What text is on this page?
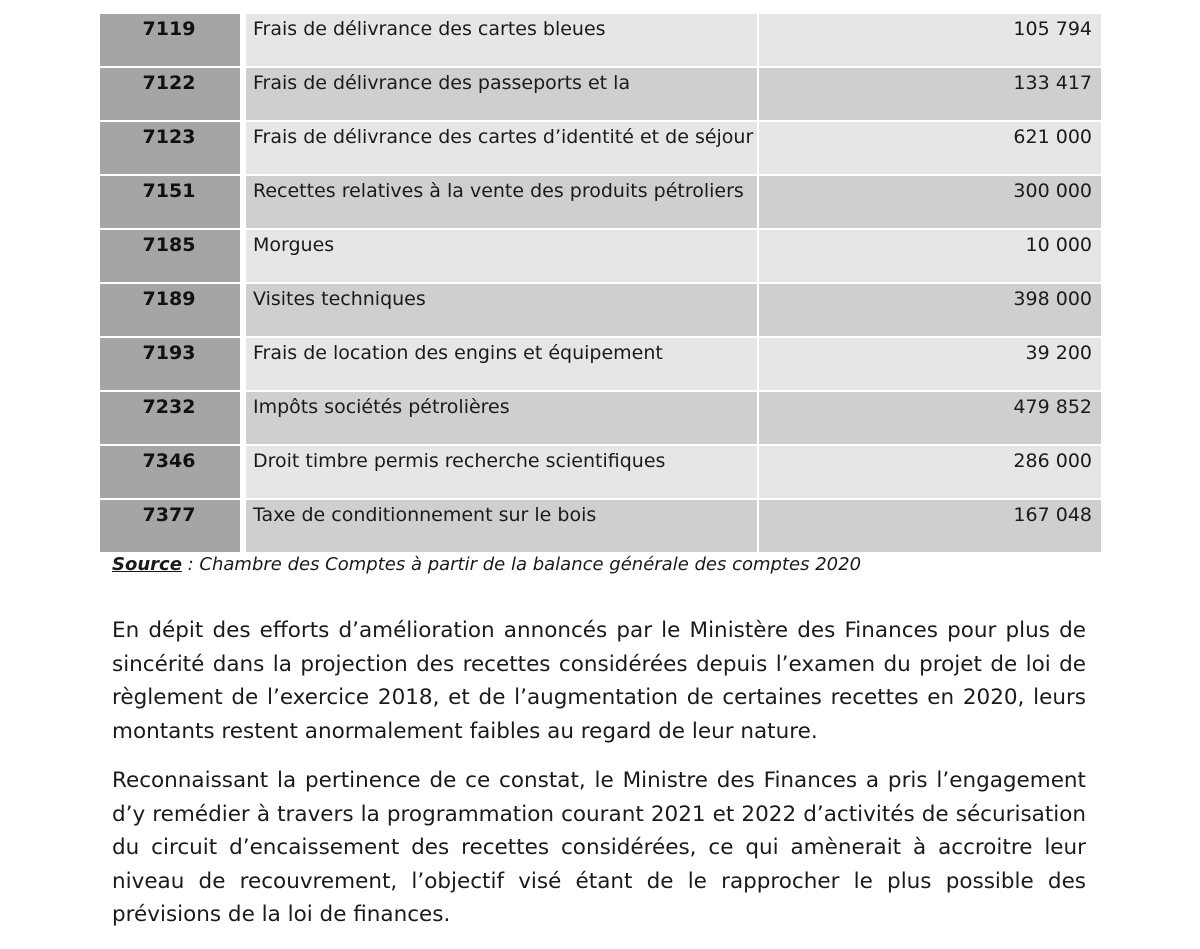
7119		Frais de délivrance des cartes bleues	105 794

7122		Frais de délivrance des passeports et la	133 417

7123		Frais de délivrance des cartes d’identité et de séjour	621 000

7151		Recettes relatives à la vente des produits pétroliers	300 000

7185		Morgues	10 000

7189		Visites techniques	398 000

7193		Frais de location des engins et équipement	39 200

7232		Impôts sociétés pétrolières	479 852

7346		Droit timbre permis recherche scientifiques	286 000

7377		Taxe de conditionnement sur le bois	167 048
Source : Chambre des Comptes à partir de la balance générale des comptes 2020

En dépit des efforts d’amélioration annoncés par le Ministère des Finances pour plus de sincérité dans la projection des recettes considérées depuis l’examen du projet de loi de règlement de l’exercice 2018, et de l’augmentation de certaines recettes en 2020, leurs montants restent anormalement faibles au regard de leur nature.

Reconnaissant la pertinence de ce constat, le Ministre des Finances a pris l’engagement d’y remédier à travers la programmation courant 2021 et 2022 d’activités de sécurisation du circuit d’encaissement des recettes considérées, ce qui amènerait à accroitre leur niveau de recouvrement, l’objectif visé étant de le rapprocher le plus possible des prévisions de la loi de finances.
